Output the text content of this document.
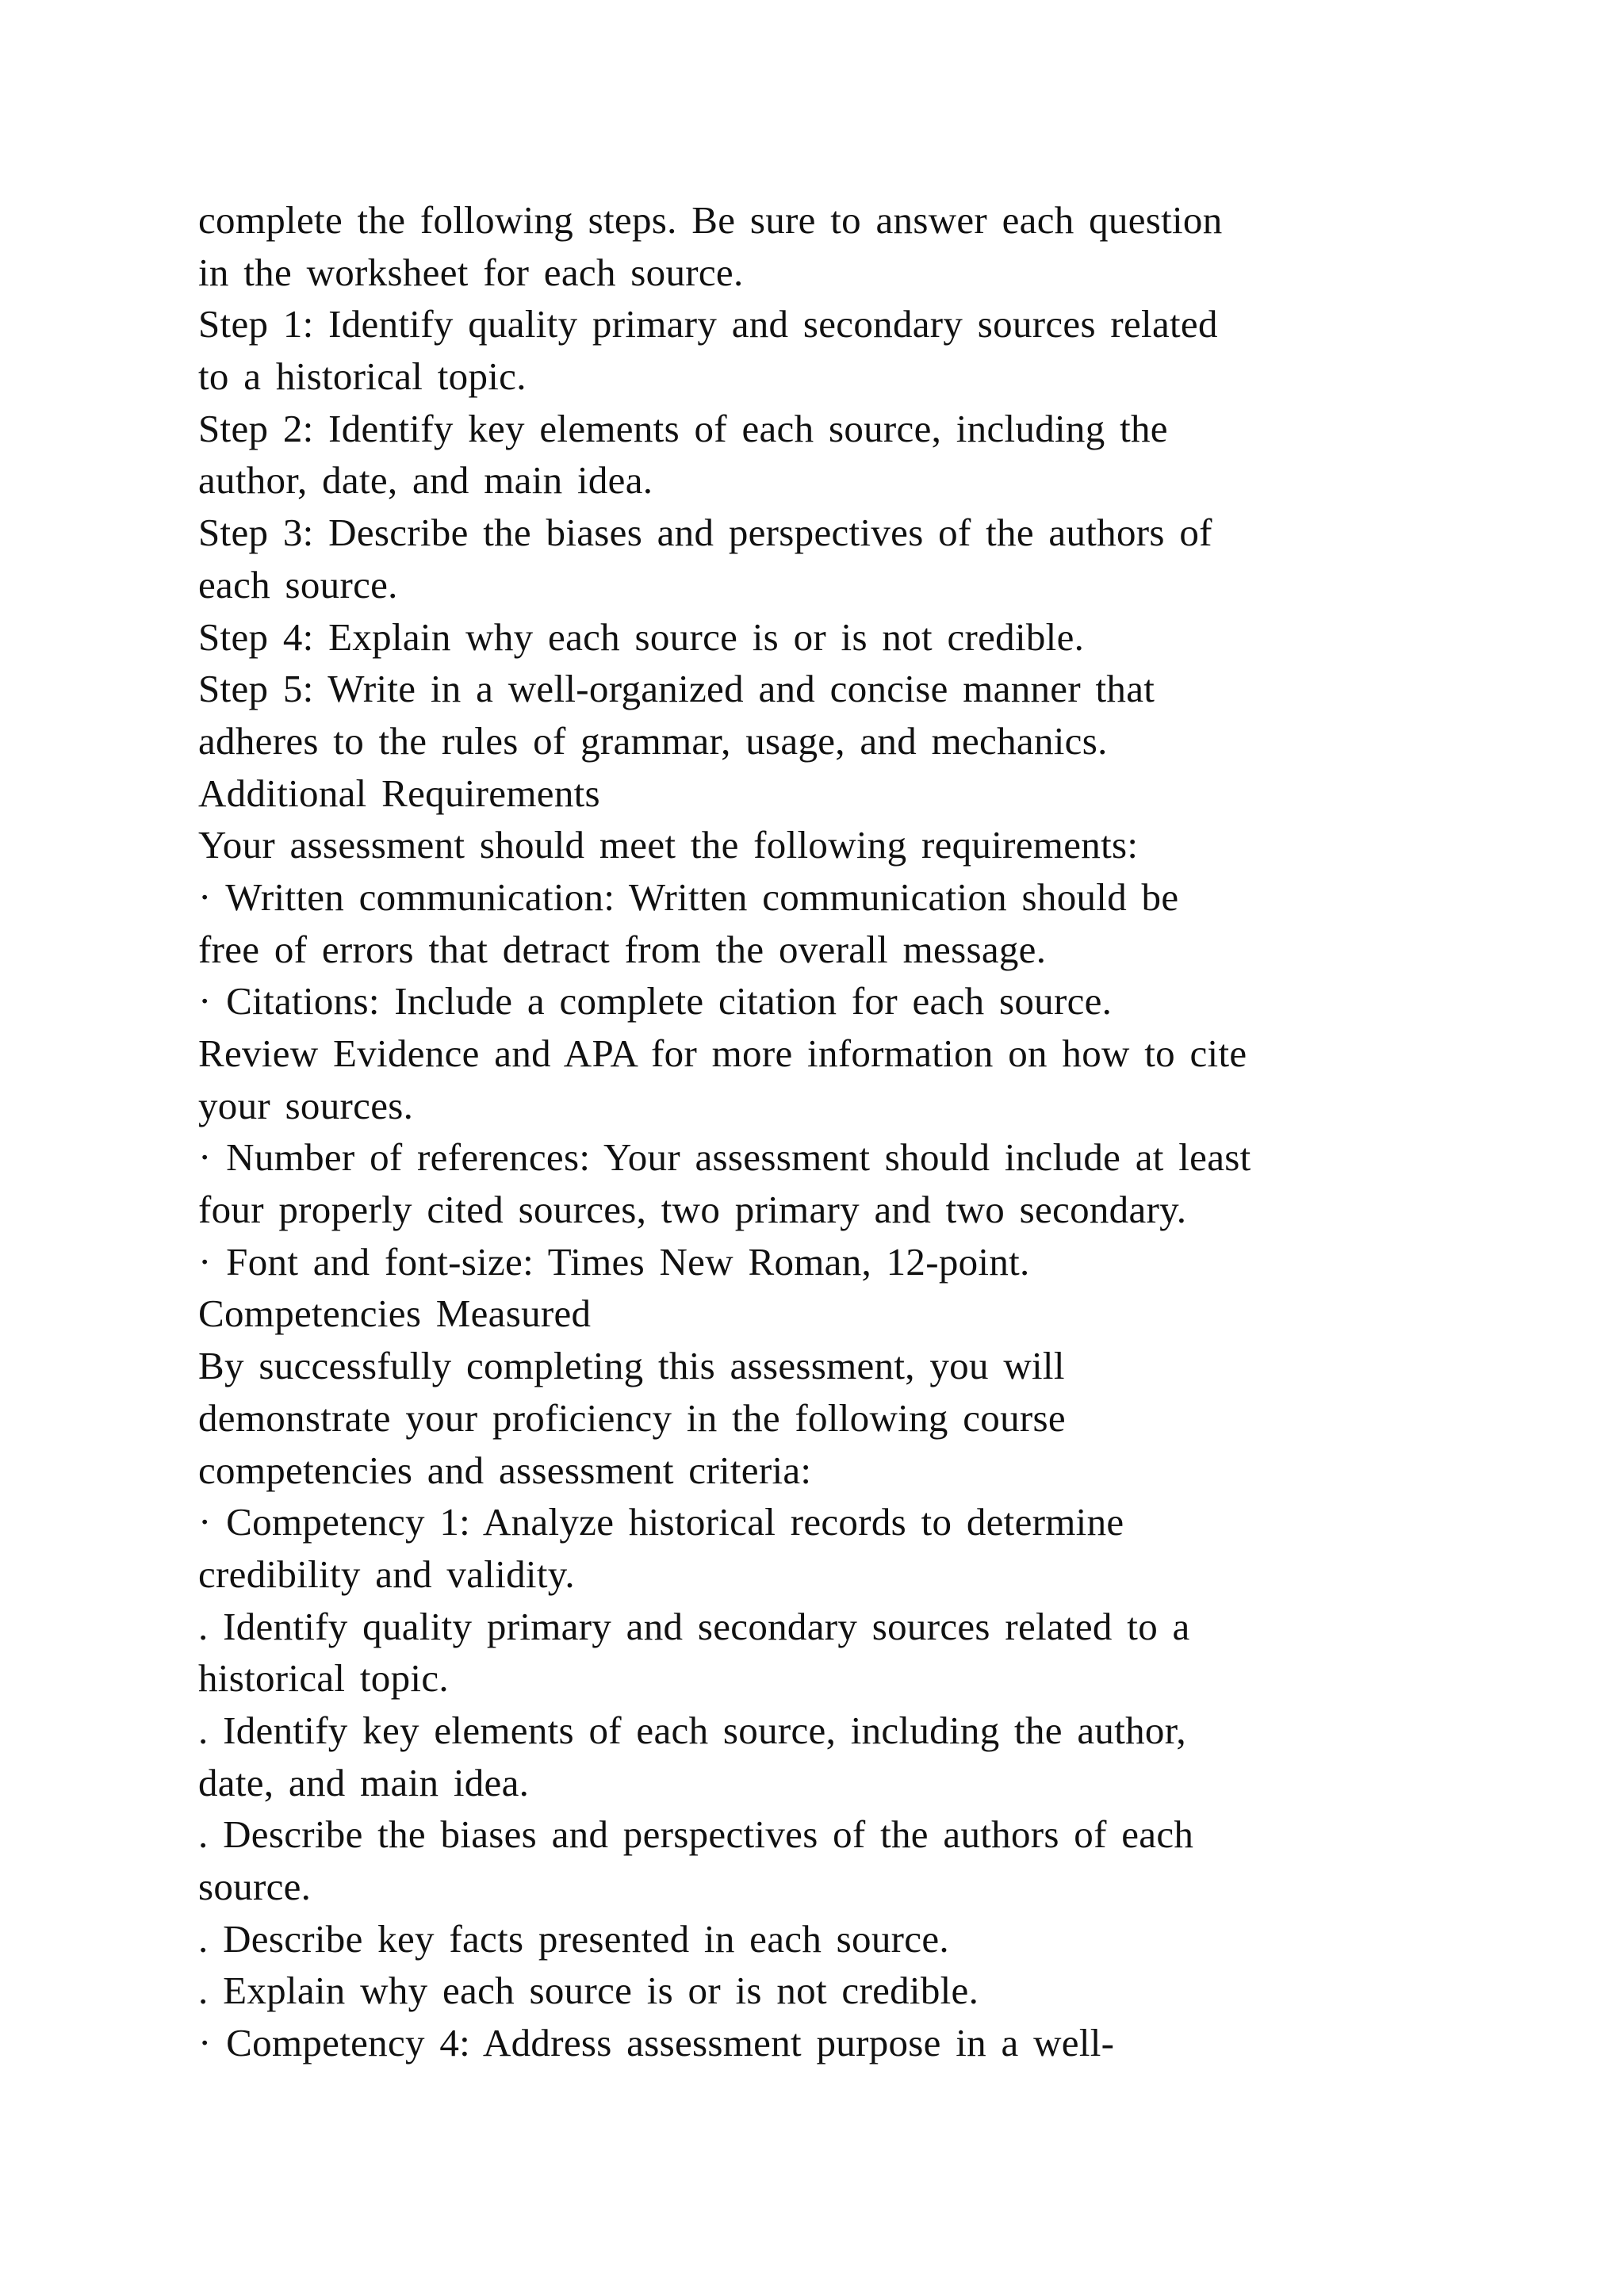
complete the following steps. Be sure to answer each question
in the worksheet for each source.
Step 1: Identify quality primary and secondary sources related
to a historical topic.
Step 2: Identify key elements of each source, including the
author, date, and main idea.
Step 3: Describe the biases and perspectives of the authors of
each source.
Step 4: Explain why each source is or is not credible.
Step 5: Write in a well-organized and concise manner that
adheres to the rules of grammar, usage, and mechanics.
Additional Requirements
Your assessment should meet the following requirements:
· Written communication: Written communication should be
free of errors that detract from the overall message.
· Citations: Include a complete citation for each source.
Review Evidence and APA for more information on how to cite
your sources.
· Number of references: Your assessment should include at least
four properly cited sources, two primary and two secondary.
· Font and font-size: Times New Roman, 12-point.
Competencies Measured
By successfully completing this assessment, you will
demonstrate your proficiency in the following course
competencies and assessment criteria:
· Competency 1: Analyze historical records to determine
credibility and validity.
. Identify quality primary and secondary sources related to a
historical topic.
. Identify key elements of each source, including the author,
date, and main idea.
. Describe the biases and perspectives of the authors of each
source.
. Describe key facts presented in each source.
. Explain why each source is or is not credible.
· Competency 4: Address assessment purpose in a well-
